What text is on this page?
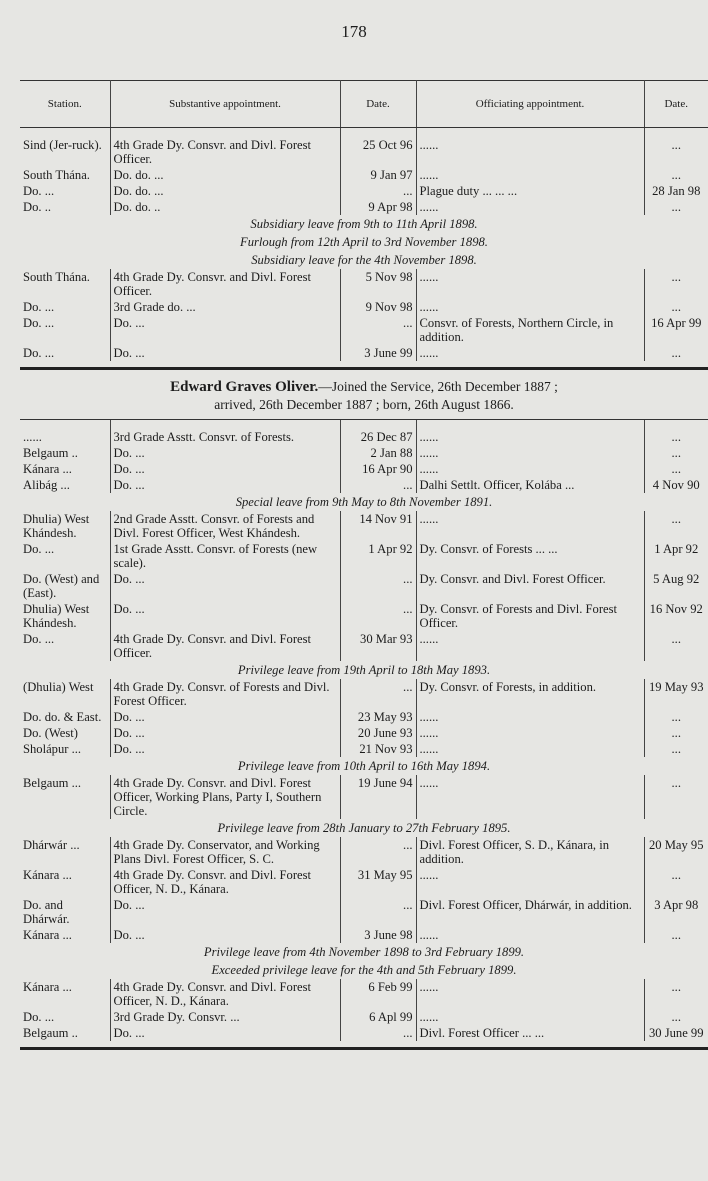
178
Station.	Substantive appointment.	Date.	Officiating appointment.	Date.
Sind (Jer-ruck).	4th Grade Dy. Consvr. and Divl. Forest Officer.	25 Oct 96	......	...
South Thána.	Do. do. ...	9 Jan 97	......	...
Do. ...	Do. do. ...	...	Plague duty ... ... ...	28 Jan 98
Do. ..	Do. do. ..	9 Apr 98	......	...
Subsidiary leave from 9th to 11th April 1898.				
Furlough from 12th April to 3rd November 1898.				
Subsidiary leave for the 4th November 1898.				
South Thána.	4th Grade Dy. Consvr. and Divl. Forest Officer.	5 Nov 98	......	...
Do. ...	3rd Grade do. ...	9 Nov 98	......	...
Do. ...	Do. ...	...	Consvr. of Forests, Northern Circle, in addition.	16 Apr 99
Do. ...	Do. ...	3 June 99	......	...
Edward Graves Oliver.—Joined the Service, 26th December 1887 ;
arrived, 26th December 1887 ; born, 26th August 1866.
......	3rd Grade Asstt. Consvr. of Forests.	26 Dec 87	......	...
Belgaum ..	Do. ...	2 Jan 88	......	...
Kánara ...	Do. ...	16 Apr 90	......	...
Alibág ...	Do. ...	...	Dalhi Settlt. Officer, Kolába ...	4 Nov 90
Special leave from 9th May to 8th November 1891.				
Dhulia) West Khándesh.	2nd Grade Asstt. Consvr. of Forests and Divl. Forest Officer, West Khándesh.	14 Nov 91	......	...
Do. ...	1st Grade Asstt. Consvr. of Forests (new scale).	1 Apr 92	Dy. Consvr. of Forests ... ...	1 Apr 92
Do. (West) and (East).	Do. ...	...	Dy. Consvr. and Divl. Forest Officer.	5 Aug 92
Dhulia) West Khándesh.	Do. ...	...	Dy. Consvr. of Forests and Divl. Forest Officer.	16 Nov 92
Do. ...	4th Grade Dy. Consvr. and Divl. Forest Officer.	30 Mar 93	......	...
Privilege leave from 19th April to 18th May 1893.				
(Dhulia) West	4th Grade Dy. Consvr. of Forests and Divl. Forest Officer.	...	Dy. Consvr. of Forests, in addition.	19 May 93
Do. do. & East.	Do. ...	23 May 93	......	...
Do. (West)	Do. ...	20 June 93	......	...
Sholápur ...	Do. ...	21 Nov 93	......	...
Privilege leave from 10th April to 16th May 1894.				
Belgaum ...	4th Grade Dy. Consvr. and Divl. Forest Officer, Working Plans, Party I, Southern Circle.	19 June 94	......	...
Privilege leave from 28th January to 27th February 1895.				
Dhárwár ...	4th Grade Dy. Conservator, and Working Plans Divl. Forest Officer, S. C.	...	Divl. Forest Officer, S. D., Kánara, in addition.	20 May 95
Kánara ...	4th Grade Dy. Consvr. and Divl. Forest Officer, N. D., Kánara.	31 May 95	......	...
Do. and Dhárwár.	Do. ...	...	Divl. Forest Officer, Dhárwár, in addition.	3 Apr 98
Kánara ...	Do. ...	3 June 98	......	...
Privilege leave from 4th November 1898 to 3rd February 1899.				
Exceeded privilege leave for the 4th and 5th February 1899.				
Kánara ...	4th Grade Dy. Consvr. and Divl. Forest Officer, N. D., Kánara.	6 Feb 99	......	...
Do. ...	3rd Grade Dy. Consvr. ...	6 Apl 99	......	...
Belgaum ..	Do. ...	...	Divl. Forest Officer ... ...	30 June 99
